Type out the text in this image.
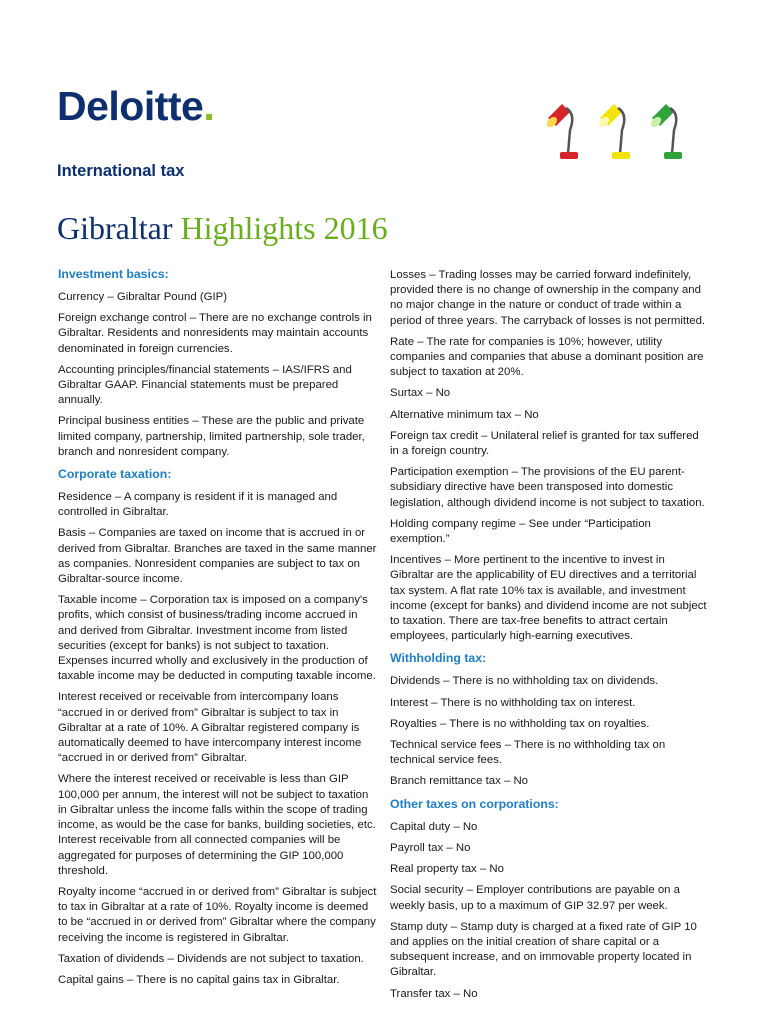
Deloitte.
International tax
Gibraltar Highlights 2016
Investment basics:
Currency – Gibraltar Pound (GIP)
Foreign exchange control – There are no exchange controls in Gibraltar. Residents and nonresidents may maintain accounts denominated in foreign currencies.
Accounting principles/financial statements – IAS/IFRS and Gibraltar GAAP. Financial statements must be prepared annually.
Principal business entities – These are the public and private limited company, partnership, limited partnership, sole trader, branch and nonresident company.
Corporate taxation:
Residence – A company is resident if it is managed and controlled in Gibraltar.
Basis – Companies are taxed on income that is accrued in or derived from Gibraltar. Branches are taxed in the same manner as companies. Nonresident companies are subject to tax on Gibraltar-source income.
Taxable income – Corporation tax is imposed on a company's profits, which consist of business/trading income accrued in and derived from Gibraltar. Investment income from listed securities (except for banks) is not subject to taxation. Expenses incurred wholly and exclusively in the production of taxable income may be deducted in computing taxable income.
Interest received or receivable from intercompany loans “accrued in or derived from” Gibraltar is subject to tax in Gibraltar at a rate of 10%. A Gibraltar registered company is automatically deemed to have intercompany interest income “accrued in or derived from” Gibraltar.
Where the interest received or receivable is less than GIP 100,000 per annum, the interest will not be subject to taxation in Gibraltar unless the income falls within the scope of trading income, as would be the case for banks, building societies, etc. Interest receivable from all connected companies will be aggregated for purposes of determining the GIP 100,000 threshold.
Royalty income “accrued in or derived from” Gibraltar is subject to tax in Gibraltar at a rate of 10%. Royalty income is deemed to be “accrued in or derived from” Gibraltar where the company receiving the income is registered in Gibraltar.
Taxation of dividends – Dividends are not subject to taxation.
Capital gains – There is no capital gains tax in Gibraltar.
Losses – Trading losses may be carried forward indefinitely, provided there is no change of ownership in the company and no major change in the nature or conduct of trade within a period of three years. The carryback of losses is not permitted.
Rate – The rate for companies is 10%; however, utility companies and companies that abuse a dominant position are subject to taxation at 20%.
Surtax – No
Alternative minimum tax – No
Foreign tax credit – Unilateral relief is granted for tax suffered in a foreign country.
Participation exemption – The provisions of the EU parent-subsidiary directive have been transposed into domestic legislation, although dividend income is not subject to taxation.
Holding company regime – See under “Participation exemption.”
Incentives – More pertinent to the incentive to invest in Gibraltar are the applicability of EU directives and a territorial tax system. A flat rate 10% tax is available, and investment income (except for banks) and dividend income are not subject to taxation. There are tax-free benefits to attract certain employees, particularly high-earning executives.
Withholding tax:
Dividends – There is no withholding tax on dividends.
Interest – There is no withholding tax on interest.
Royalties – There is no withholding tax on royalties.
Technical service fees – There is no withholding tax on technical service fees.
Branch remittance tax – No
Other taxes on corporations:
Capital duty – No
Payroll tax – No
Real property tax – No
Social security – Employer contributions are payable on a weekly basis, up to a maximum of GIP 32.97 per week.
Stamp duty – Stamp duty is charged at a fixed rate of GIP 10 and applies on the initial creation of share capital or a subsequent increase, and on immovable property located in Gibraltar.
Transfer tax – No
